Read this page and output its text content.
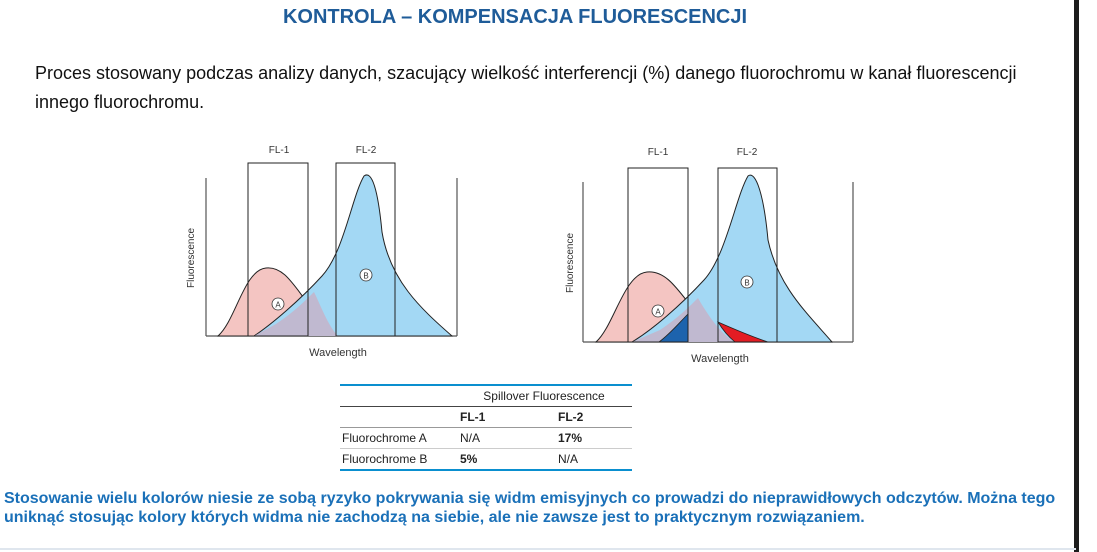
KONTROLA – KOMPENSACJA FLUORESCENCJI
Proces stosowany podczas analizy danych, szacujący wielkość interferencji (%) danego fluorochromu w kanał fluorescencji innego fluorochromu.
FL-1	FL-2
A
B
Fluorescence
Wavelength
FL-1	FL-2
A
B
Fluorescence
Wavelength
	Spillover Fluorescence	
	FL-1	FL-2
Fluorochrome A	N/A	17%
Fluorochrome B	5%	N/A
Stosowanie wielu kolorów niesie ze sobą ryzyko pokrywania się widm emisyjnych co prowadzi do nieprawidłowych odczytów. Można tego uniknąć stosując kolory których widma nie zachodzą na siebie, ale nie zawsze jest to praktycznym rozwiązaniem.
